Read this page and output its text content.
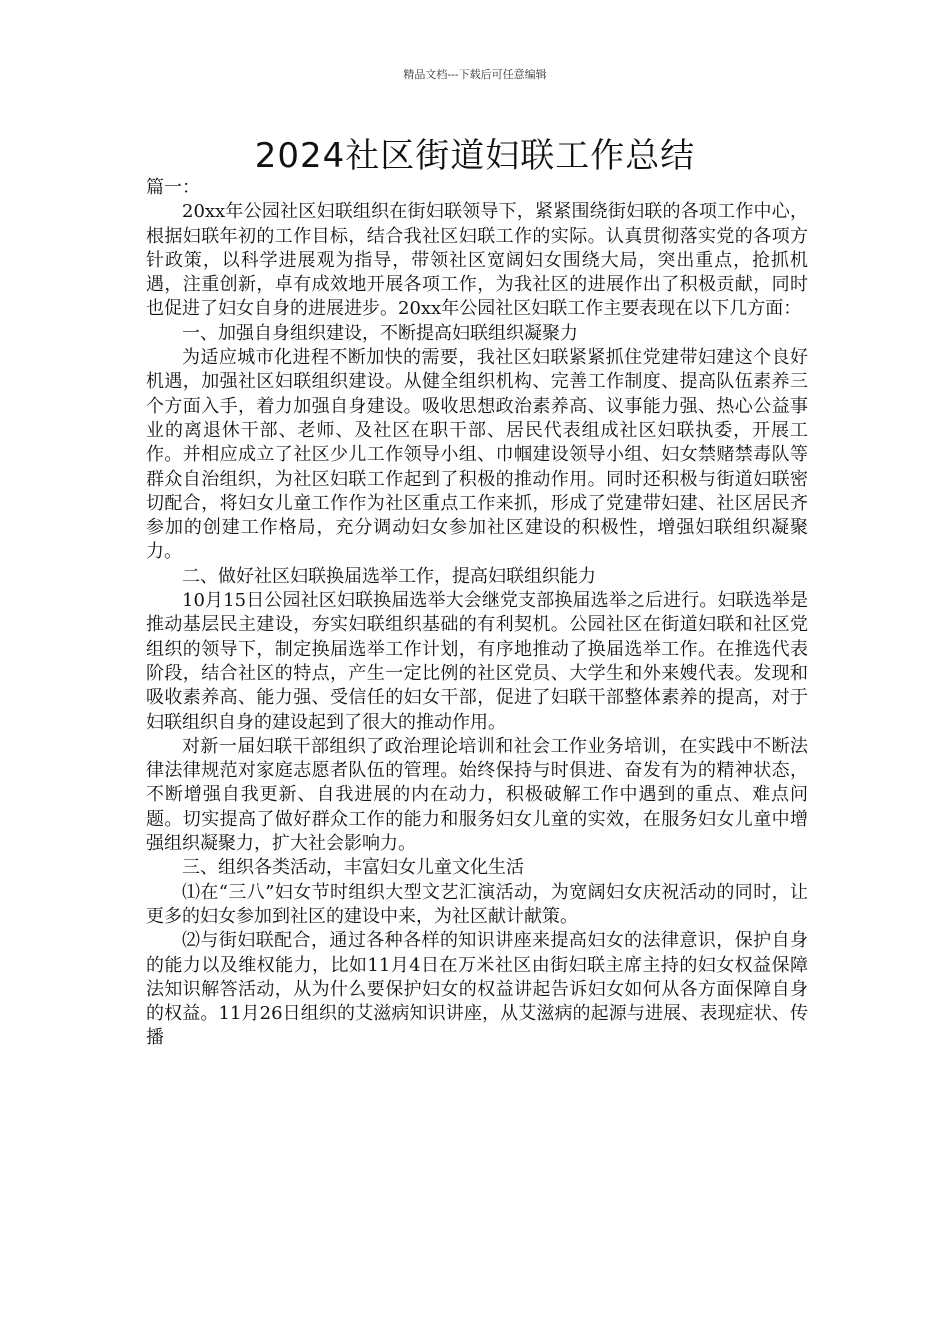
精品文档---下载后可任意编辑
2024社区街道妇联工作总结

篇一：

20xx年公园社区妇联组织在街妇联领导下，紧紧围绕街妇联的各项工作中心，根据妇联年初的工作目标，结合我社区妇联工作的实际。认真贯彻落实党的各项方针政策，以科学进展观为指导，带领社区宽阔妇女围绕大局，突出重点，抢抓机遇，注重创新，卓有成效地开展各项工作，为我社区的进展作出了积极贡献，同时也促进了妇女自身的进展进步。20xx年公园社区妇联工作主要表现在以下几方面：

一、加强自身组织建设，不断提高妇联组织凝聚力

为适应城市化进程不断加快的需要，我社区妇联紧紧抓住党建带妇建这个良好机遇，加强社区妇联组织建设。从健全组织机构、完善工作制度、提高队伍素养三个方面入手，着力加强自身建设。吸收思想政治素养高、议事能力强、热心公益事业的离退休干部、老师、及社区在职干部、居民代表组成社区妇联执委，开展工作。并相应成立了社区少儿工作领导小组、巾帼建设领导小组、妇女禁赌禁毒队等群众自治组织，为社区妇联工作起到了积极的推动作用。同时还积极与街道妇联密切配合，将妇女儿童工作作为社区重点工作来抓，形成了党建带妇建、社区居民齐参加的创建工作格局，充分调动妇女参加社区建设的积极性，增强妇联组织凝聚力。

二、做好社区妇联换届选举工作，提高妇联组织能力

10月15日公园社区妇联换届选举大会继党支部换届选举之后进行。妇联选举是推动基层民主建设，夯实妇联组织基础的有利契机。公园社区在街道妇联和社区党组织的领导下，制定换届选举工作计划，有序地推动了换届选举工作。在推选代表阶段，结合社区的特点，产生一定比例的社区党员、大学生和外来嫂代表。发现和吸收素养高、能力强、受信任的妇女干部，促进了妇联干部整体素养的提高，对于妇联组织自身的建设起到了很大的推动作用。

对新一届妇联干部组织了政治理论培训和社会工作业务培训，在实践中不断法律法律规范对家庭志愿者队伍的管理。始终保持与时俱进、奋发有为的精神状态，不断增强自我更新、自我进展的内在动力，积极破解工作中遇到的重点、难点问题。切实提高了做好群众工作的能力和服务妇女儿童的实效，在服务妇女儿童中增强组织凝聚力，扩大社会影响力。

三、组织各类活动，丰富妇女儿童文化生活

⑴在“三八”妇女节时组织大型文艺汇演活动，为宽阔妇女庆祝活动的同时，让更多的妇女参加到社区的建设中来，为社区献计献策。

⑵与街妇联配合，通过各种各样的知识讲座来提高妇女的法律意识，保护自身的能力以及维权能力，比如11月4日在万米社区由街妇联主席主持的妇女权益保障法知识解答活动，从为什么要保护妇女的权益讲起告诉妇女如何从各方面保障自身的权益。11月26日组织的艾滋病知识讲座，从艾滋病的起源与进展、表现症状、传播
